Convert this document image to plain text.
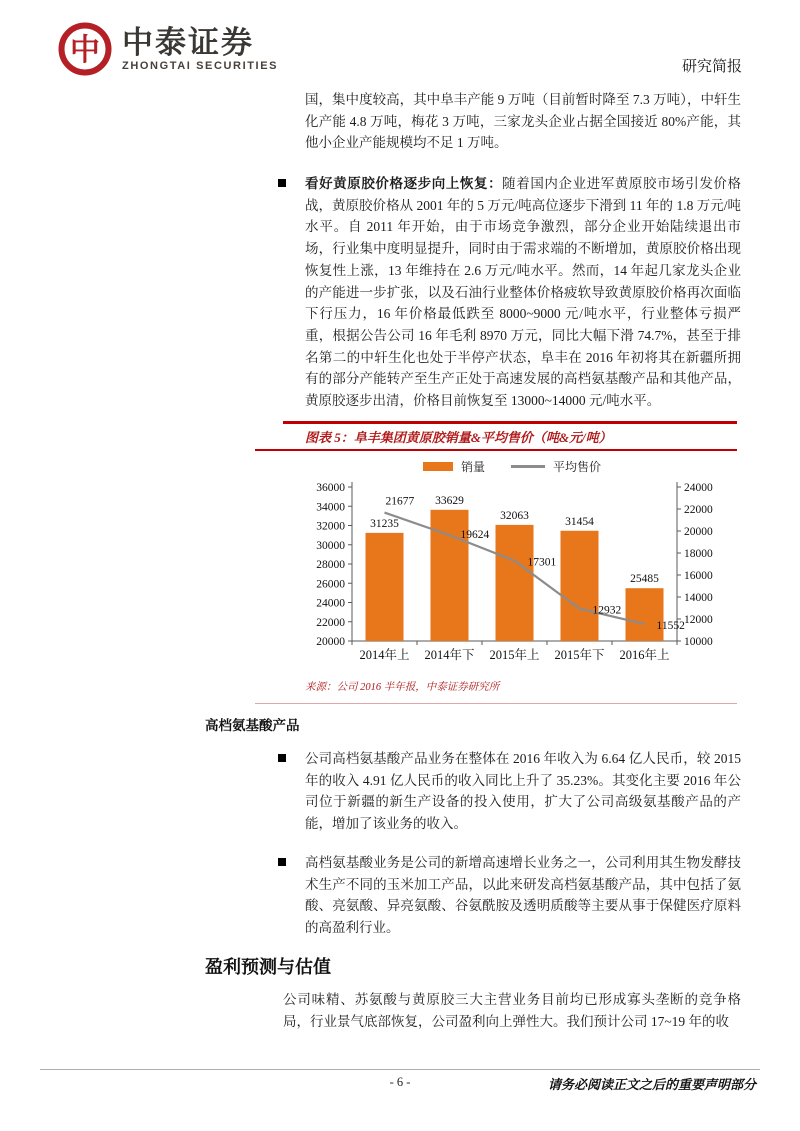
中 中泰证券
ZHONGTAI SECURITIES	研究简报
国，集中度较高，其中阜丰产能 9 万吨（目前暂时降至 7.3 万吨），中轩生化产能 4.8 万吨，梅花 3 万吨，三家龙头企业占据全国接近 80%产能，其他小企业产能规模均不足 1 万吨。
看好黄原胶价格逐步向上恢复：随着国内企业进军黄原胶市场引发价格战，黄原胶价格从 2001 年的 5 万元/吨高位逐步下滑到 11 年的 1.8 万元/吨水平。自 2011 年开始，由于市场竞争激烈，部分企业开始陆续退出市场，行业集中度明显提升，同时由于需求端的不断增加，黄原胶价格出现恢复性上涨，13 年维持在 2.6 万元/吨水平。然而，14 年起几家龙头企业的产能进一步扩张，以及石油行业整体价格疲软导致黄原胶价格再次面临下行压力，16 年价格最低跌至 8000~9000 元/吨水平，行业整体亏损严重，根据公告公司 16 年毛利 8970 万元，同比大幅下滑 74.7%，甚至于排名第二的中轩生化也处于半停产状态，阜丰在 2016 年初将其在新疆所拥有的部分产能转产至生产正处于高速发展的高档氨基酸产品和其他产品，黄原胶逐步出清，价格目前恢复至 13000~14000 元/吨水平。
图表 5：阜丰集团黄原胶销量&平均售价（吨&元/吨）
销量	平均售价
20000
22000
24000
26000
28000
30000
32000
34000
36000
10000
12000
14000
16000
18000
20000
22000
24000
2014年上 2014年下 2015年上 2015年下 2016年上
31235
33629
32063	31454
25485
21677
19624
17301
12932
11552
来源：公司 2016 半年报，中泰证券研究所
高档氨基酸产品
公司高档氨基酸产品业务在整体在 2016 年收入为 6.64 亿人民币，较 2015 年的收入 4.91 亿人民币的收入同比上升了 35.23%。其变化主要 2016 年公司位于新疆的新生产设备的投入使用，扩大了公司高级氨基酸产品的产能，增加了该业务的收入。
高档氨基酸业务是公司的新增高速增长业务之一，公司利用其生物发酵技术生产不同的玉米加工产品，以此来研发高档氨基酸产品，其中包括了氨酸、亮氨酸、异亮氨酸、谷氨酰胺及透明质酸等主要从事于保健医疗原料的高盈利行业。
盈利预测与估值
公司味精、苏氨酸与黄原胶三大主营业务目前均已形成寡头垄断的竞争格局，行业景气底部恢复，公司盈利向上弹性大。我们预计公司 17~19 年的收
- 6 -	请务必阅读正文之后的重要声明部分
